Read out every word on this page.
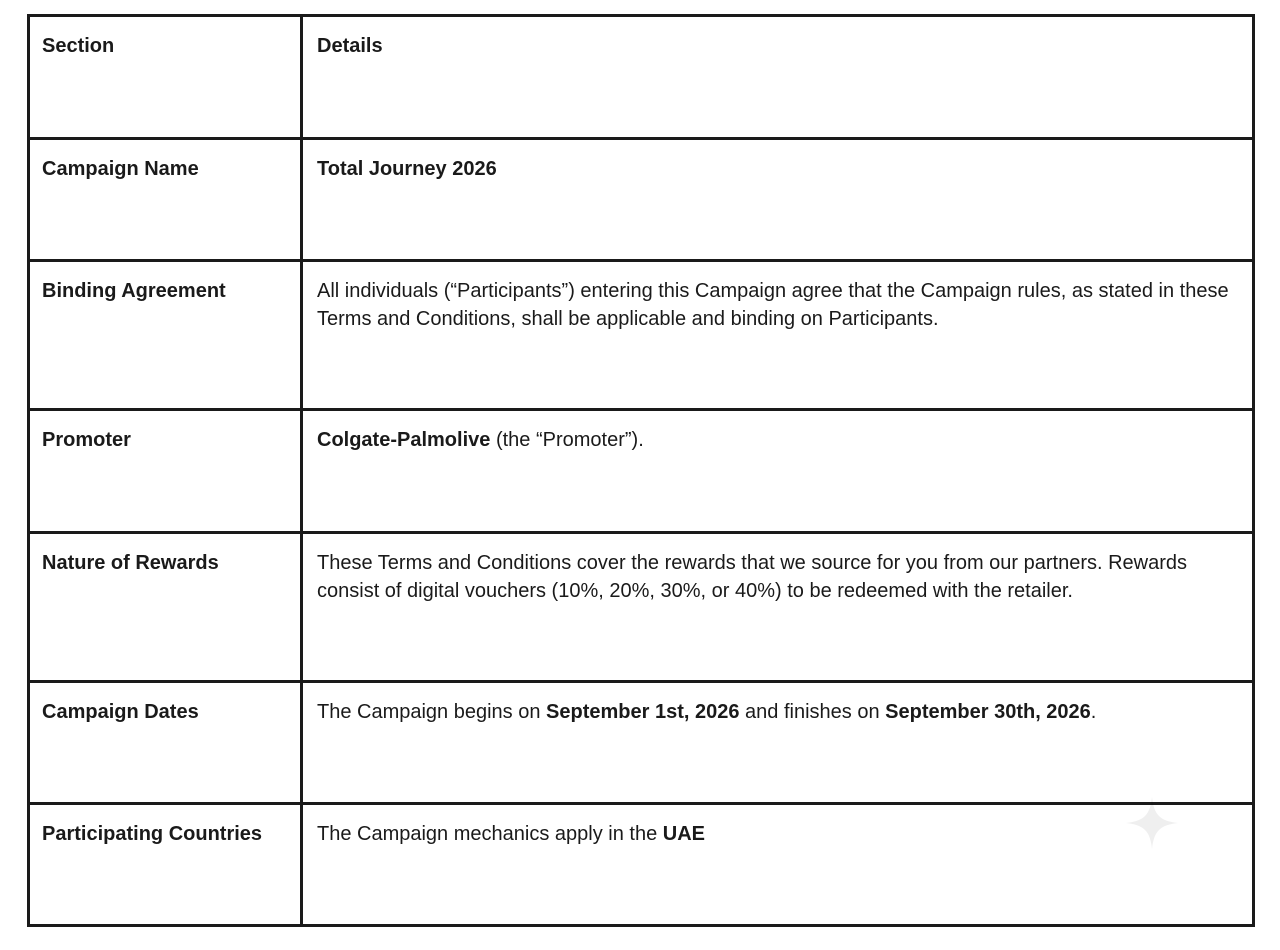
Section	Details
Campaign Name	Total Journey 2026
Binding Agreement	All individuals (“Participants”) entering this Campaign agree that the Campaign rules, as stated in these Terms and Conditions, shall be applicable and binding on Participants.
Promoter	Colgate-Palmolive (the “Promoter”).
Nature of Rewards	These Terms and Conditions cover the rewards that we source for you from our partners. Rewards consist of digital vouchers (10%, 20%, 30%, or 40%) to be redeemed with the retailer.
Campaign Dates	The Campaign begins on September 1st, 2026 and finishes on September 30th, 2026.
Participating Countries	The Campaign mechanics apply in the UAE
